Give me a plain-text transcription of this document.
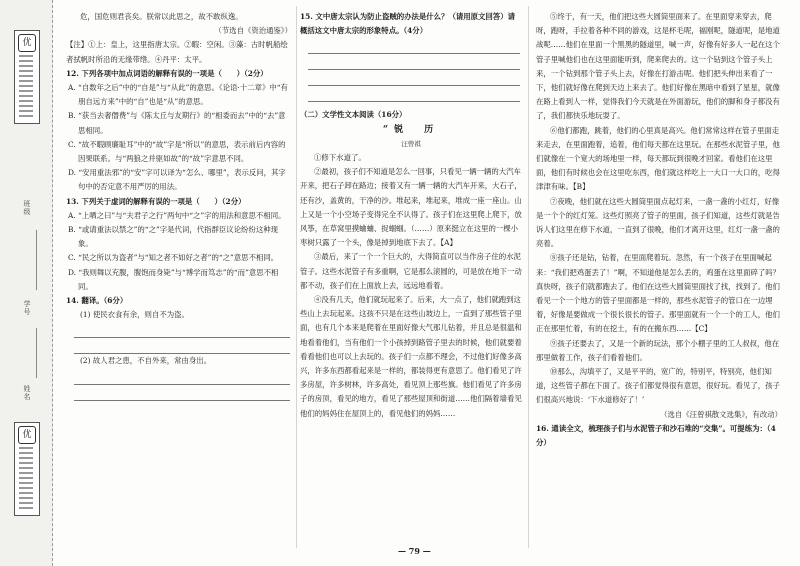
优
班级
学号
姓名
优

危，国危则君丧矣。朕常以此思之，故不敢纵逸。

（节选自《资治通鉴》）

【注】①上：皇上，这里指唐太宗。②暇：空闲。③藻：古时帆船绘者拭帆时所沿的无缘带绺。④丹平：太平。

12. 下列各项中加点词语的解释有误的一项是（　　）（2分）

A. “自数年之后”中的“自是”与“从此”的意思。《论语·十二章》中“有朋自远方来”中的“自”也是“从”的意思。

B. “获当去奢僭费”与《陈太丘与友期行》的“相委而去”中的“去”意思相同。

C. “故不暇顾廉耻耳”中的“故”字是“所以”的意思，表示前后内容的因果联系。与“两狼之并驱如故”的“故”字意思不同。

D. “安用重法邪”的“安”字可以译为“怎么、哪里”，表示反问，其字句中的否定意不用严厉的用法。

13. 下列关于虚词的解释有误的一项是（　　）（2分）

A. “上哂之曰”与“夫君子之行”两句中“之”字的用法和意思不相同。

B. “或请重法以禁之”的“之”字是代词，代指群臣议论纷纷这种现象。

C. “民之所以为盗者”与“知之者不如好之者”的“之”意思不相同。

D. “我则舞以充腹，腹饱而身毙”与“博学而笃志”的“而”意思不相同。

14. 翻译。（6分）

(1) 使民衣食有余，则自不为盗。

(2) 故人君之患，不自外来，常由身出。

15. 文中唐太宗认为防止盗贼的办法是什么？（请用原文回答）请概括这文中唐太宗的形象特点。（4分）

（二）文学性文本阅读（16分）

“锐　历

汪曾祺

①修下水道了。

②最初，孩子们不知道是怎么一回事，只看见一辆一辆的大汽车开来，把石子卸在路边；接着又有一辆一辆的大汽车开来，大石子，还有沙，盖黄的，干净的沙。堆起来，堆起来，堆成一座一座山。山上又是一个小空场子变得完全不认得了。孩子们在这里爬上爬下，放风筝，在草窝里摸蛐蛐、捉蝈蝈。（……）原来挺立在这里的一棵小枣树只露了一个头，像是掉到地底下去了。【A】

③最后，来了一个一个巨大的，大得简直可以当作房子住的水泥管子。这些水泥管子有多重啊，它是那么滚圆的，可是放在地下一动都不动，孩子们在上面放上去，远远地看着。

④没有几天，他们就玩起来了。后来，大一点了，他们就跑到这些山上去玩起来。这孩不只是在这些山坡边上，一直到了那些管子里面，也有几个本来是爬着在里面好像大气那儿钻着，并且总是很温和地看着他们，当有他们一个小孩掉到路管子里去的时候，他们就要着看看他们也可以上去玩的。孩子们一点都不理会，不过他们好像多高兴，许多东西都看起来是一样的，都装得更有意思了。他们看见了许多房屋，许多树林，许多高处，看见顶上那些旗。他们看见了许多房子的房顶，看见的地方，看见了那些屋顶和街道……他们隔着墙看见他们的妈妈住在屋顶上的，看见他们的妈妈……

⑤终于，有一天，他们把这些大圆筒里面来了。在里面穿来穿去，爬呀，跑呀，手拉着各种不同的游戏，这是杯毛呢，福刚呢，隧道呢，是地道战呢……他们在里面一个黑黑的隧道里，喊一声，好像有好多人一起在这个管子里喊他们也在这里面能听到，爬来爬去的。这一个钻到这个管子头上来，一个钻到那个管子头上去，好像在打游击呢。他们把头伸出来看了一下，他们就好像在爬到天边上来去了。他们好像在黑暗中看到了星星，就像在路上看到人一样，觉得我们今天就是在外面游玩，他们的脚和身子都没有了，我们都快乐地玩耍了。

⑥他们都跑，跳着，他们的心里真是高兴。他们常常这样在管子里面走来走去，在里面跑着，追着，他们每天都在这里玩。在那些水泥管子里，他们就像在一个宽大的场地里一样，每天都玩到很晚才回家。看他们在这里面，他们有时候也会在这里吃东西，他们就这样吃上一大口一大口的，吃得津津有味。【B】

⑦夜晚，他们就在这些大圆筒里面点起灯来，一盏一盏的小红灯，好像是一个个的红灯笼。这些灯照亮了管子的里面，孩子们知道，这些灯就是告诉人们这里在修下水道，一直到了很晚，他们才离开这里，红灯一盏一盏的亮着。

⑧孩子还是钻，钻着，在里面爬着玩。忽然，有一个孩子在里面喊起来：“我们把鸡蛋丢了！”啊，不知道他是怎么丢的，鸡蛋在这里面碎了吗？真快呀，孩子们就都跑去了。他们在这些大圆筒里面找了找，找到了。他们看见一个一个地方的管子里面都是一样的，那些水泥管子的管口在一边埋着，好像是要做成一个很长很长的管子。那里面就有一个一个的工人，他们正在那里忙着，有的在挖土，有的在搬东西……【C】

⑨孩子还要去了，又是一个新的玩法，那个小棚子里的工人叔叔，他在那里做着工作，孩子们看着他们。

⑩那么，沟填平了，又是平平的，宽广的，特别平，特别亮，他们知道，这些管子都在下面了。孩子们都觉得很有意思，很好玩。看见了，孩子们很高兴地说：‘下水道修好了！’

（选自《汪曾祺散文选集》，有改动）

16. 通读全文，梳理孩子们与水泥管子和沙石堆的“交集”。可提练为：（4分）

— 79 —
